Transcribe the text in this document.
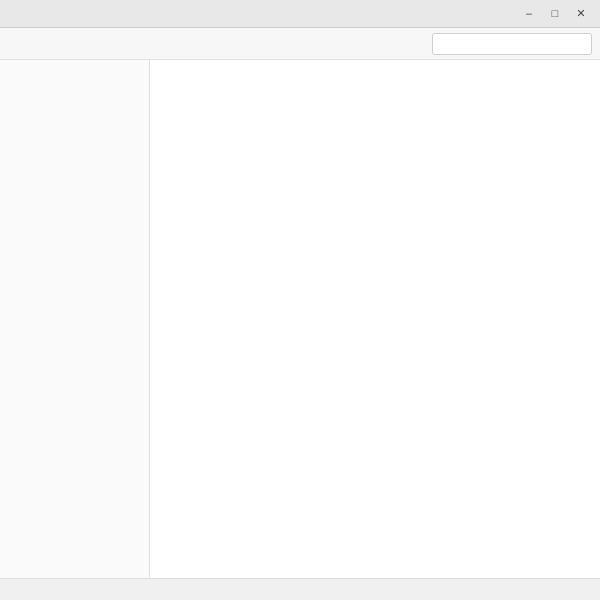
–	□	✕
